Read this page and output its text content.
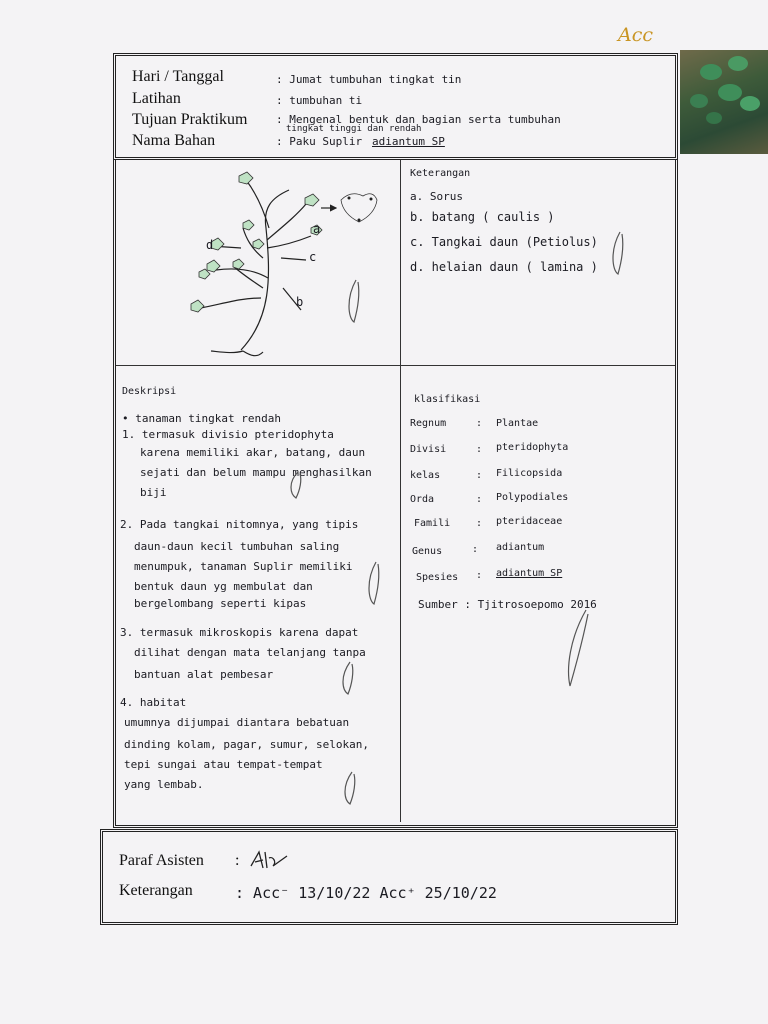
Acc
Hari / Tanggal	: Jumat tumbuhan tingkat tin
Latihan	: tumbuhan ti
Tujuan Praktikum	: Mengenal bentuk dan bagian serta tumbuhan
tingkat tinggi dan rendah
Nama Bahan	: Paku Suplir adiantum SP
a
b
c
d
Keterangan
a. Sorus
b. batang ( caulis )
c. Tangkai daun (Petiolus)
d. helaian daun ( lamina )
Deskripsi
• tanaman tingkat rendah
1. termasuk divisio pteridophyta
karena memiliki akar, batang, daun
sejati dan belum mampu menghasilkan
biji
2. Pada tangkai nitomnya, yang tipis
daun-daun kecil tumbuhan saling
menumpuk, tanaman Suplir memiliki
bentuk daun yg membulat dan
bergelombang seperti kipas
3. termasuk mikroskopis karena dapat
dilihat dengan mata telanjang tanpa
bantuan alat pembesar
4. habitat
umumnya dijumpai diantara bebatuan
dinding kolam, pagar, sumur, selokan,
tepi sungai atau tempat-tempat
yang lembab.
klasifikasi
Regnum	: Plantae
Divisi	: pteridophyta
kelas	: Filicopsida
Orda	: Polypodiales
Famili	: pteridaceae
Genus	: adiantum
Spesies : adiantum SP
Sumber : Tjitrosoepomo 2016
Paraf Asisten :
Keterangan	: Acc⁻ 13/10/22 Acc⁺ 25/10/22
